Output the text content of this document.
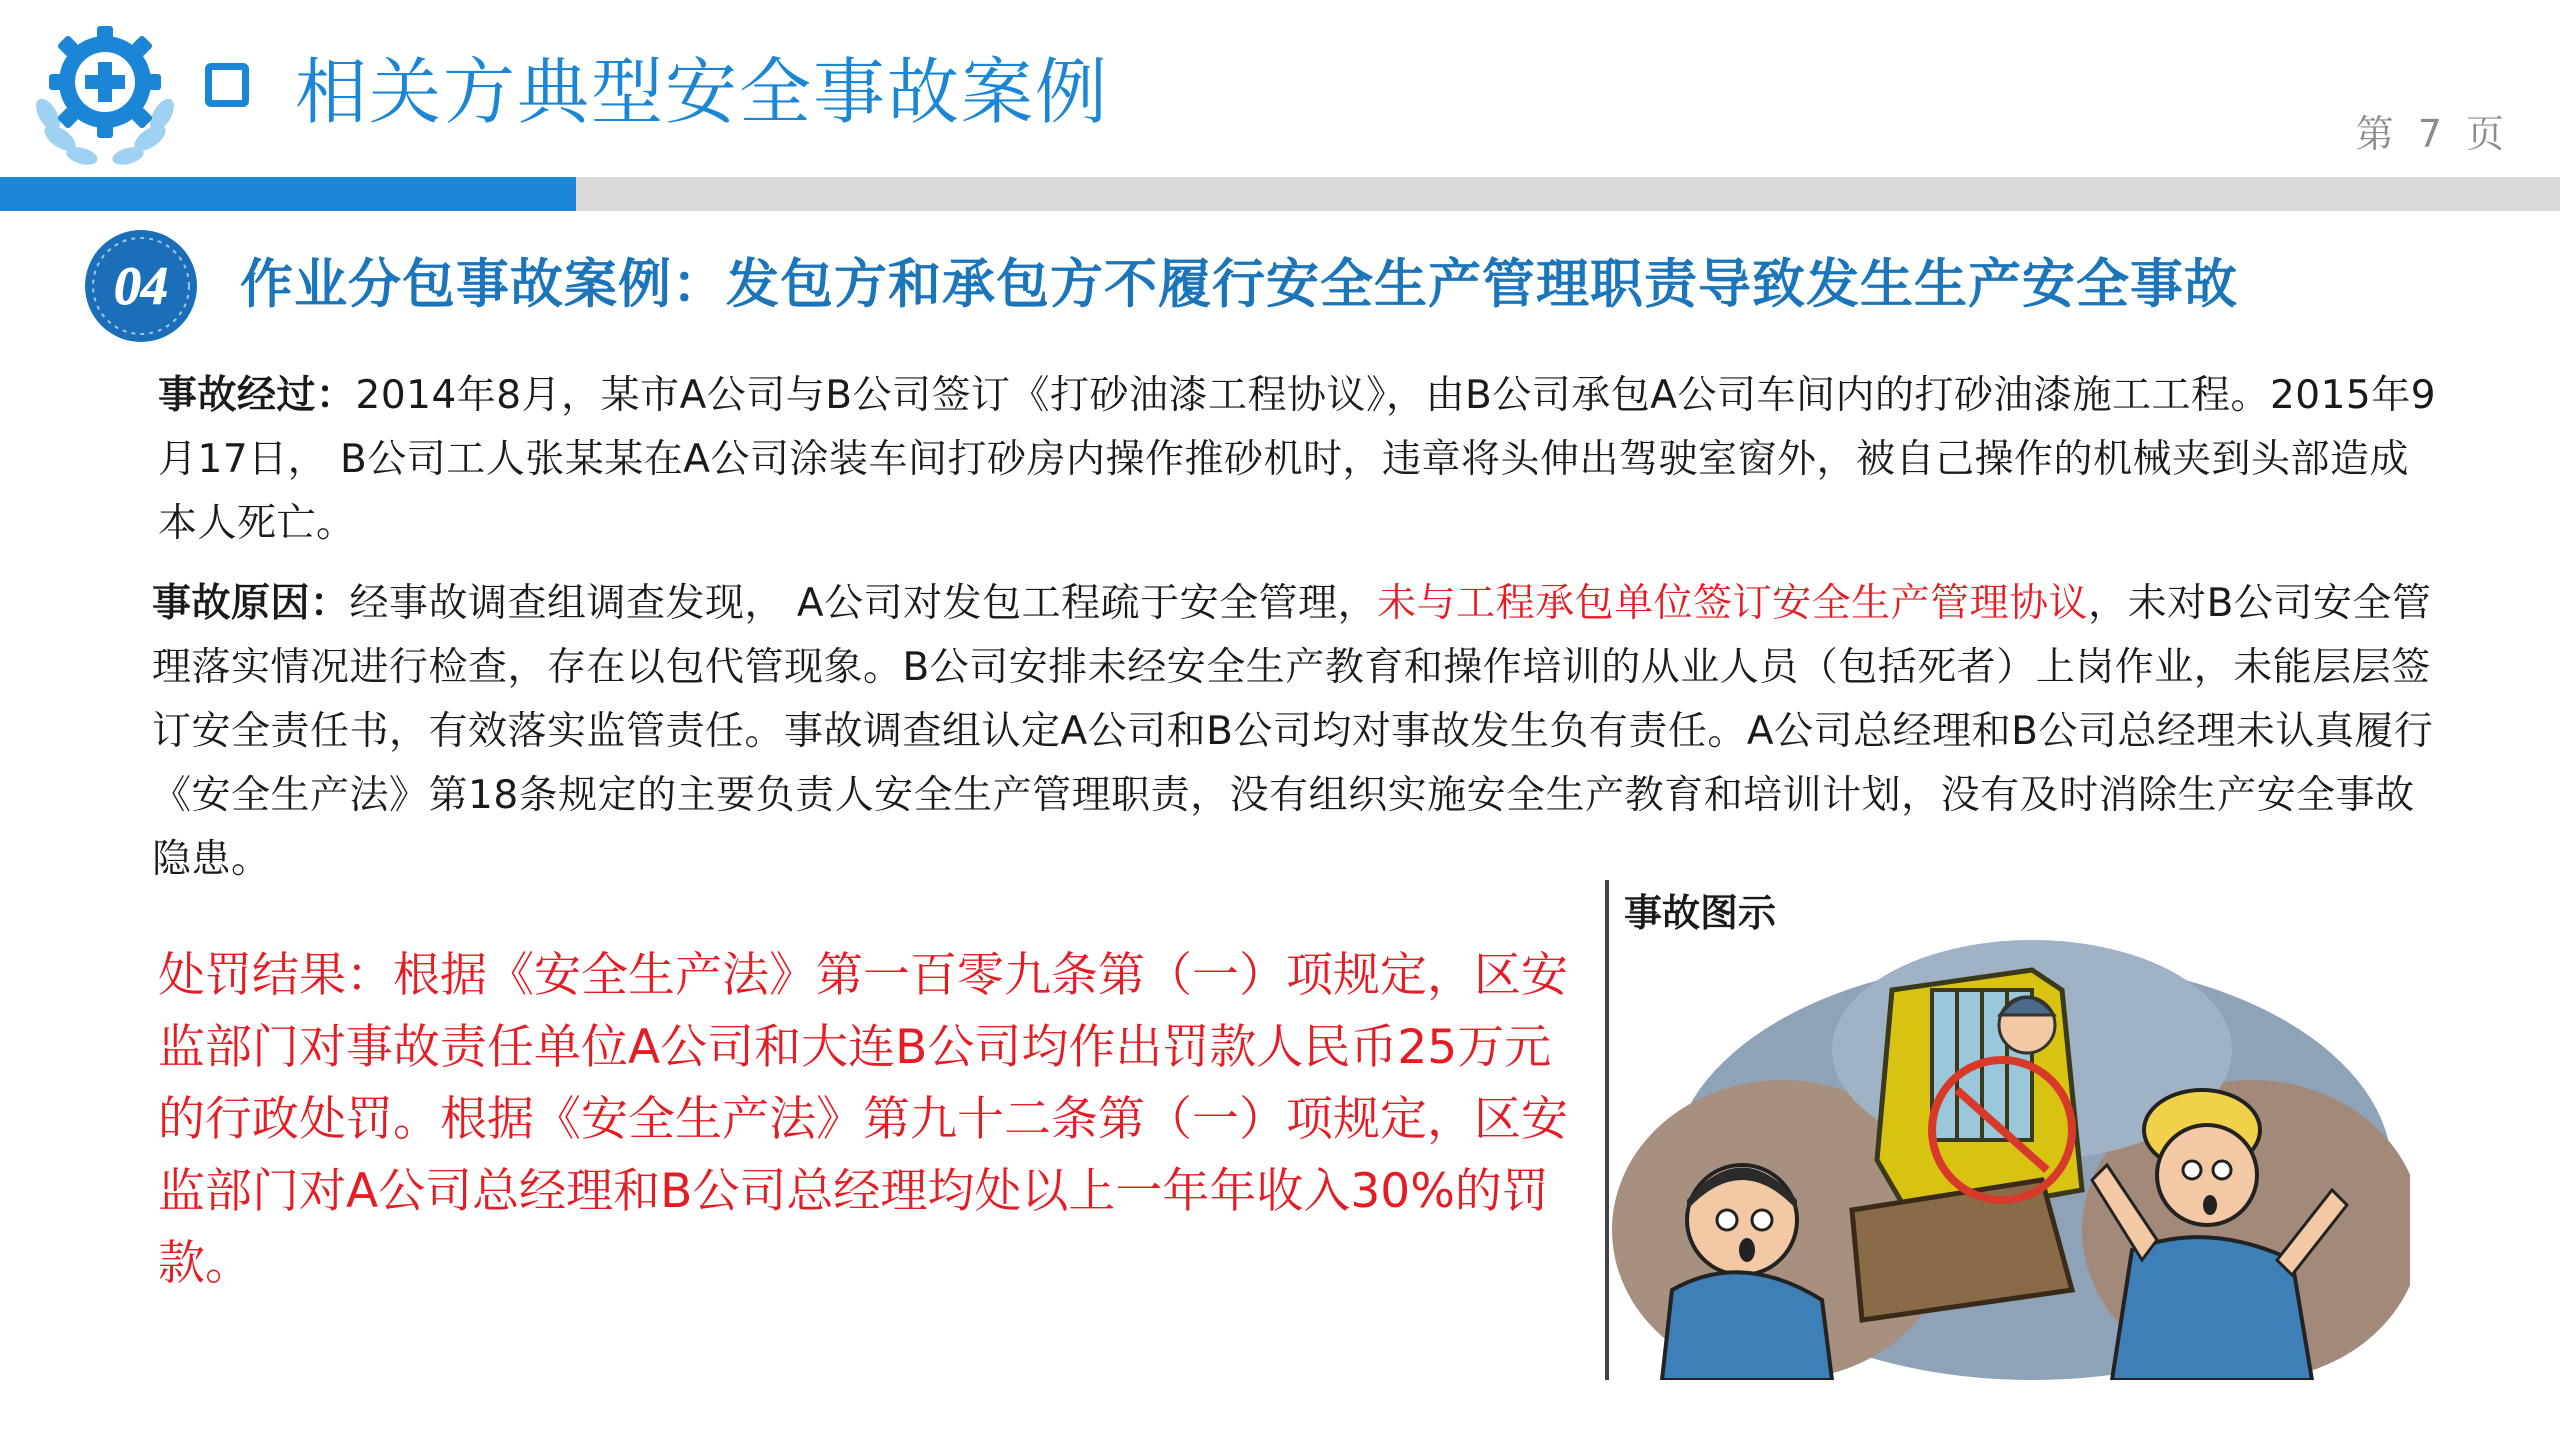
相关方典型安全事故案例	第 7 页
04 作业分包事故案例：发包方和承包方不履行安全生产管理职责导致发生生产安全事故
事故经过：2014年8月，某市A公司与B公司签订《打砂油漆工程协议》，由B公司承包A公司车间内的打砂油漆施工工程。2015年9月17日， B公司工人张某某在A公司涂装车间打砂房内操作推砂机时，违章将头伸出驾驶室窗外，被自己操作的机械夹到头部造成本人死亡。
事故原因：经事故调查组调查发现， A公司对发包工程疏于安全管理，未与工程承包单位签订安全生产管理协议，未对B公司安全管理落实情况进行检查，存在以包代管现象。B公司安排未经安全生产教育和操作培训的从业人员（包括死者）上岗作业，未能层层签订安全责任书，有效落实监管责任。事故调查组认定A公司和B公司均对事故发生负有责任。A公司总经理和B公司总经理未认真履行《安全生产法》第18条规定的主要负责人安全生产管理职责，没有组织实施安全生产教育和培训计划，没有及时消除生产安全事故隐患。
处罚结果：根据《安全生产法》第一百零九条第（一）项规定，区安监部门对事故责任单位A公司和大连B公司均作出罚款人民币25万元的行政处罚。根据《安全生产法》第九十二条第（一）项规定，区安监部门对A公司总经理和B公司总经理均处以上一年年收入30%的罚款。
事故图示
